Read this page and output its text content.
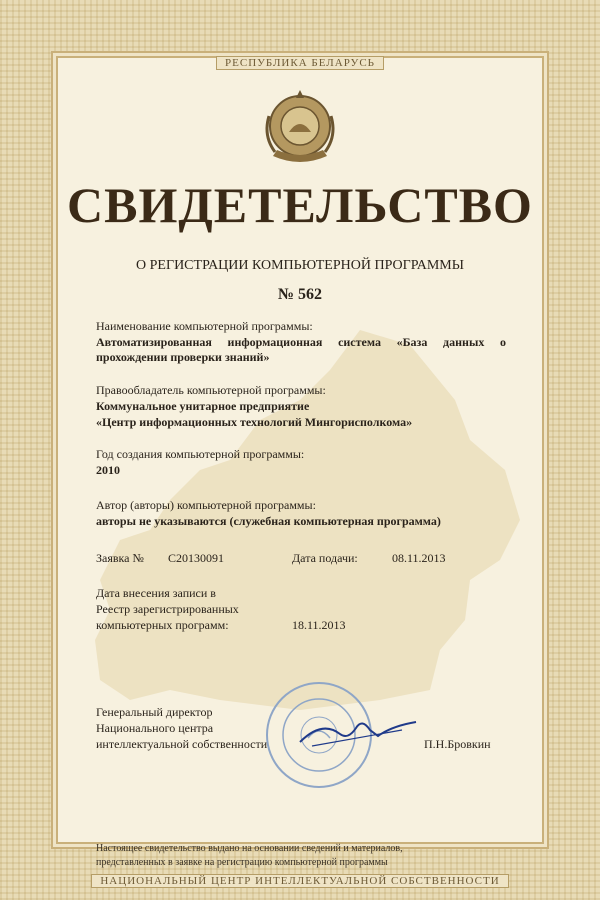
РЕСПУБЛИКА БЕЛАРУСЬ
СВИДЕТЕЛЬСТВО
О РЕГИСТРАЦИИ КОМПЬЮТЕРНОЙ ПРОГРАММЫ
№ 562
Наименование компьютерной программы:
Автоматизированная информационная система «База данных о прохождении проверки знаний»
Правообладатель компьютерной программы:
Коммунальное унитарное предприятие
«Центр информационных технологий Мингорисполкома»
Год создания компьютерной программы:
2010
Автор (авторы) компьютерной программы:
авторы не указываются (служебная компьютерная программа)
Заявка № C20130091	Дата подачи:	08.11.2013
Дата внесения записи в
Реестр зарегистрированных
компьютерных программ:	18.11.2013
Генеральный директор
Национального центра
интеллектуальной собственности	П.Н.Бровкин
Настоящее свидетельство выдано на основании сведений и материалов,
представленных в заявке на регистрацию компьютерной программы
НАЦИОНАЛЬНЫЙ ЦЕНТР ИНТЕЛЛЕКТУАЛЬНОЙ СОБСТВЕННОСТИ
